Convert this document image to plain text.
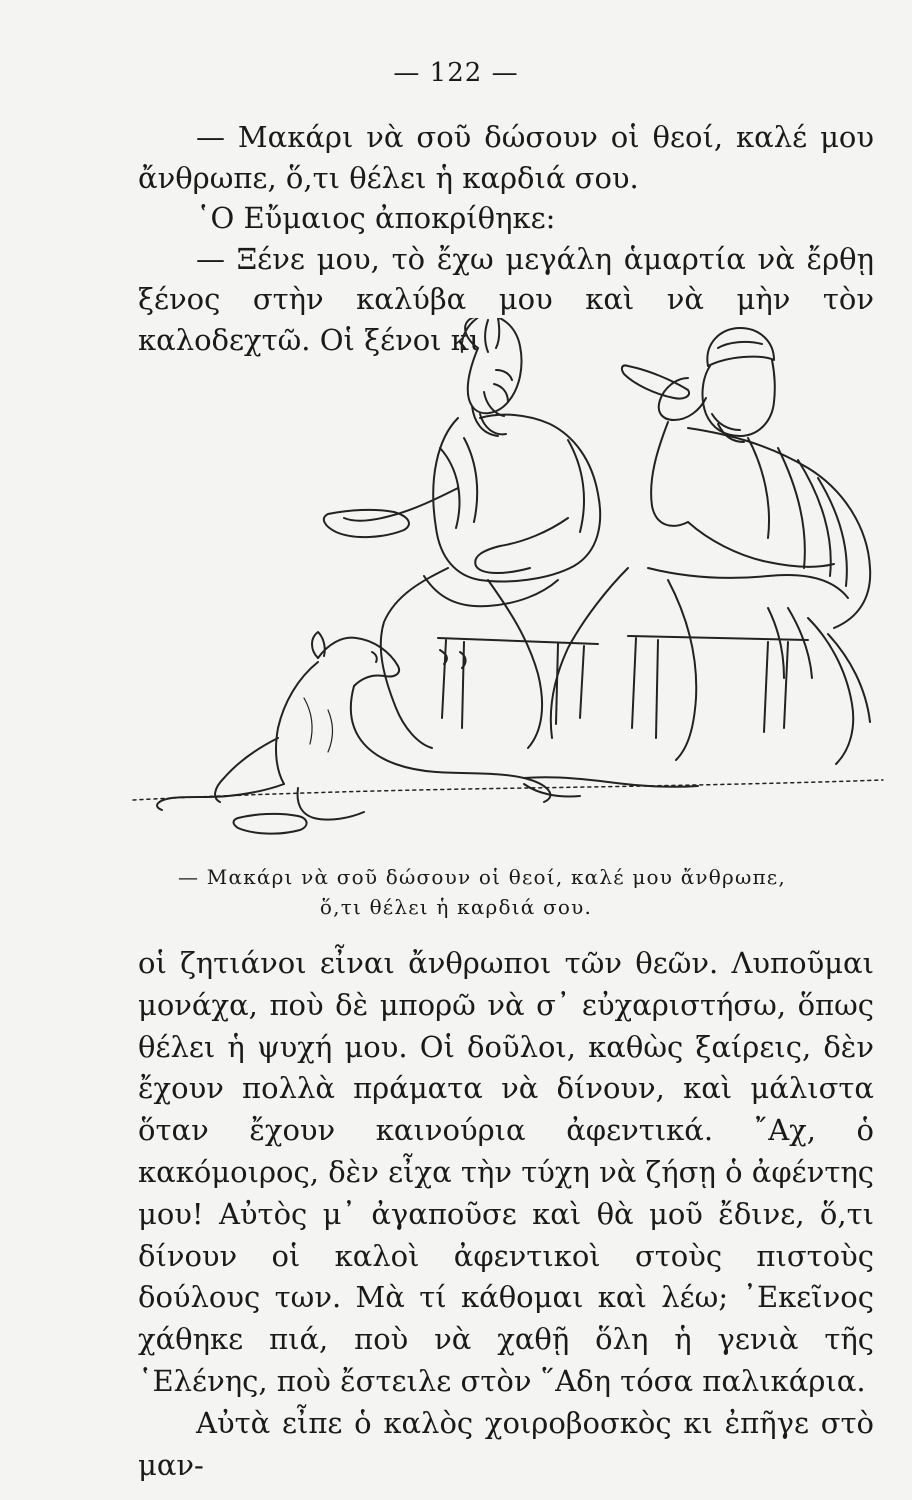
— 122 —

— Μακάρι νὰ σοῦ δώσουν οἱ θεοί, καλέ μου ἄνθρωπε, ὅ,τι θέλει ἡ καρδιά σου.

῾Ο Εὔμαιος ἀποκρίθηκε:

— Ξένε μου, τὸ ἔχω μεγάλη ἁμαρτία νὰ ἔρθῃ ξένος στὴν καλύβα μου καὶ νὰ μὴν τὸν καλοδεχτῶ. Οἱ ξένοι κι

— Μακάρι νὰ σοῦ δώσουν οἱ θεοί, καλέ μου ἄνθρωπε,
ὅ,τι θέλει ἡ καρδιά σου.

οἱ ζητιάνοι εἶναι ἄνθρωποι τῶν θεῶν. Λυποῦμαι μονάχα, ποὺ δὲ μπορῶ νὰ σ᾽ εὐχαριστήσω, ὅπως θέλει ἡ ψυχή μου. Οἱ δοῦλοι, καθὼς ξαίρεις, δὲν ἔχουν πολλὰ πράματα νὰ δίνουν, καὶ μάλιστα ὅταν ἔχουν καινούρια ἀφεντικά. ῎Αχ, ὁ κακόμοιρος, δὲν εἶχα τὴν τύχη νὰ ζήσῃ ὁ ἀφέντης μου! Αὐτὸς μ᾽ ἀγαποῦσε καὶ θὰ μοῦ ἔδινε, ὅ,τι δίνουν οἱ καλοὶ ἀφεντικοὶ στοὺς πιστοὺς δούλους των. Μὰ τί κάθομαι καὶ λέω; ᾿Εκεῖνος χάθηκε πιά, ποὺ νὰ χαθῇ ὅλη ἡ γενιὰ τῆς ῾Ελένης, ποὺ ἔστειλε στὸν ῞Αδη τόσα παλικάρια.

Αὐτὰ εἶπε ὁ καλὸς χοιροβοσκὸς κι ἐπῆγε στὸ μαν-
